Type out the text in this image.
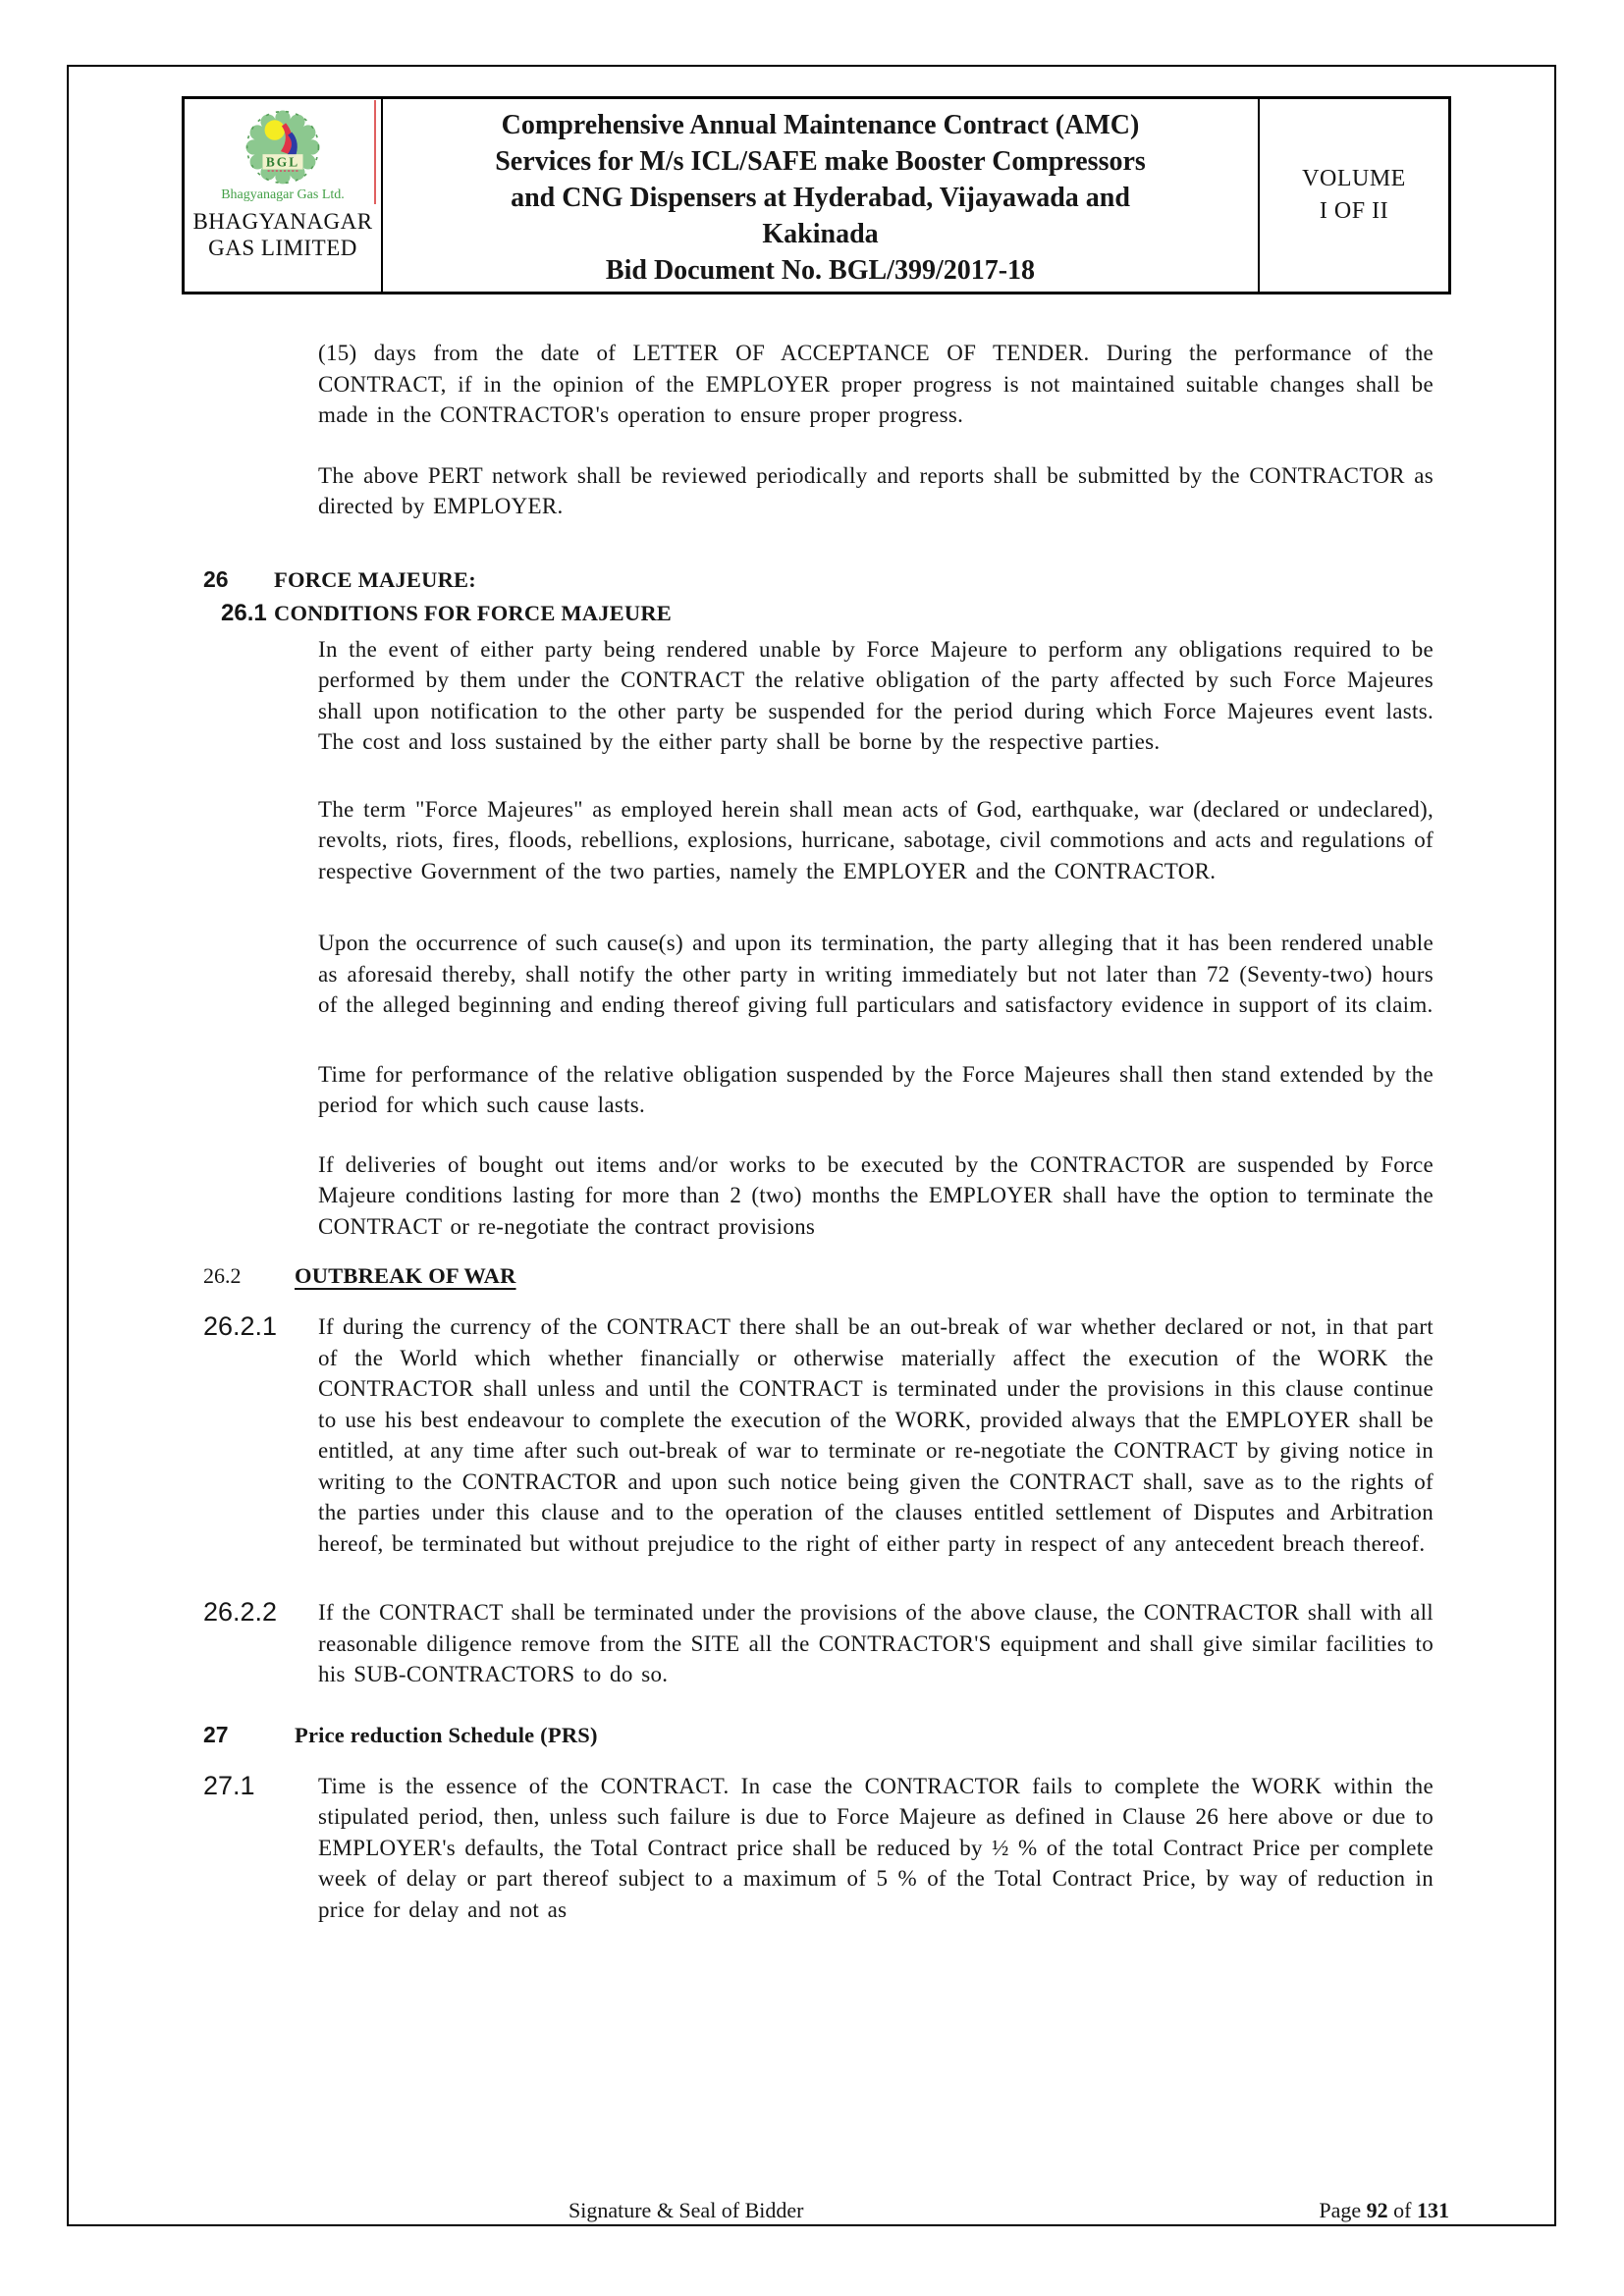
BGL
Bhagyanagar Gas Ltd.
BHAGYANAGAR
GAS LIMITED
Comprehensive Annual Maintenance Contract (AMC)
Services for M/s ICL/SAFE make Booster Compressors
and CNG Dispensers at Hyderabad, Vijayawada and
Kakinada
Bid Document No. BGL/399/2017-18
VOLUME
I OF II

(15) days from the date of LETTER OF ACCEPTANCE OF TENDER. During the performance of the CONTRACT, if in the opinion of the EMPLOYER proper progress is not maintained suitable changes shall be made in the CONTRACTOR's operation to ensure proper progress.

The above PERT network shall be reviewed periodically and reports shall be submitted by the CONTRACTOR as directed by EMPLOYER.

26	FORCE MAJEURE:
26.1 CONDITIONS FOR FORCE MAJEURE

In the event of either party being rendered unable by Force Majeure to perform any obligations required to be performed by them under the CONTRACT the relative obligation of the party affected by such Force Majeures shall upon notification to the other party be suspended for the period during which Force Majeures event lasts. The cost and loss sustained by the either party shall be borne by the respective parties.

The term "Force Majeures" as employed herein shall mean acts of God, earthquake, war (declared or undeclared), revolts, riots, fires, floods, rebellions, explosions, hurricane, sabotage, civil commotions and acts and regulations of respective Government of the two parties, namely the EMPLOYER and the CONTRACTOR.

Upon the occurrence of such cause(s) and upon its termination, the party alleging that it has been rendered unable as aforesaid thereby, shall notify the other party in writing immediately but not later than 72 (Seventy-two) hours of the alleged beginning and ending thereof giving full particulars and satisfactory evidence in support of its claim.

Time for performance of the relative obligation suspended by the Force Majeures shall then stand extended by the period for which such cause lasts.

If deliveries of bought out items and/or works to be executed by the CONTRACTOR are suspended by Force Majeure conditions lasting for more than 2 (two) months the EMPLOYER shall have the option to terminate the CONTRACT or re-negotiate the contract provisions

26.2	OUTBREAK OF WAR
26.2.1	If during the currency of the CONTRACT there shall be an out-break of war whether declared or not, in that part of the World which whether financially or otherwise materially affect the execution of the WORK the CONTRACTOR shall unless and until the CONTRACT is terminated under the provisions in this clause continue to use his best endeavour to complete the execution of the WORK, provided always that the EMPLOYER shall be entitled, at any time after such out-break of war to terminate or re-negotiate the CONTRACT by giving notice in writing to the CONTRACTOR and upon such notice being given the CONTRACT shall, save as to the rights of the parties under this clause and to the operation of the clauses entitled settlement of Disputes and Arbitration hereof, be terminated but without prejudice to the right of either party in respect of any antecedent breach thereof.
26.2.2	If the CONTRACT shall be terminated under the provisions of the above clause, the CONTRACTOR shall with all reasonable diligence remove from the SITE all the CONTRACTOR'S equipment and shall give similar facilities to his SUB-CONTRACTORS to do so.
27	Price reduction Schedule (PRS)
27.1	Time is the essence of the CONTRACT. In case the CONTRACTOR fails to complete the WORK within the stipulated period, then, unless such failure is due to Force Majeure as defined in Clause 26 here above or due to EMPLOYER's defaults, the Total Contract price shall be reduced by ½ % of the total Contract Price per complete week of delay or part thereof subject to a maximum of 5 % of the Total Contract Price, by way of reduction in price for delay and not as
Signature & Seal of Bidder	Page 92 of 131
